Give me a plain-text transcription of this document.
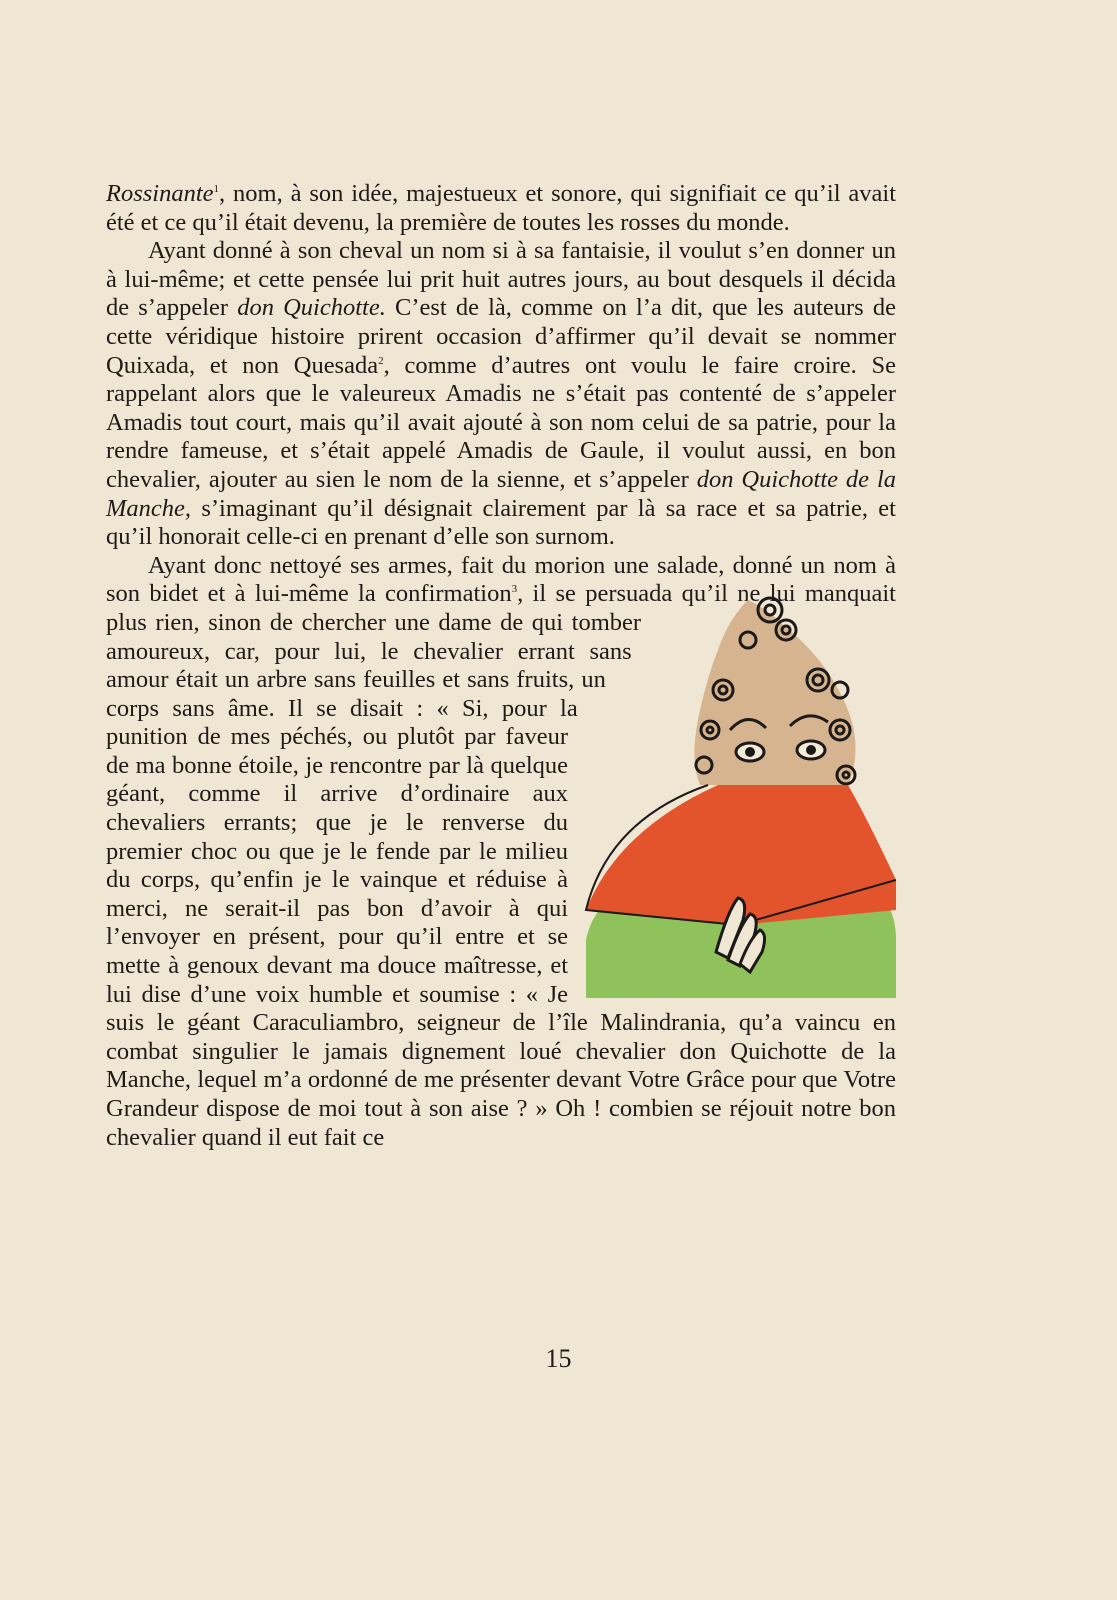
Rossinante$^1$, nom, à son idée, majestueux et sonore, qui signifiait ce qu’il avait été et ce qu’il était devenu, la première de toutes les rosses du monde.

Ayant donné à son cheval un nom si à sa fantaisie, il voulut s’en donner un à lui-même; et cette pensée lui prit huit autres jours, au bout desquels il décida de s’appeler don Quichotte. C’est de là, comme on l’a dit, que les auteurs de cette véridique histoire prirent occasion d’affirmer qu’il devait se nommer Quixada, et non Quesada$^2$, comme d’autres ont voulu le faire croire. Se rappelant alors que le valeureux Amadis ne s’était pas contenté de s’appeler Amadis tout court, mais qu’il avait ajouté à son nom celui de sa patrie, pour la rendre fameuse, et s’était appelé Amadis de Gaule, il voulut aussi, en bon chevalier, ajouter au sien le nom de la sienne, et s’appeler don Quichotte de la Manche, s’imaginant qu’il désignait clairement par là sa race et sa patrie, et qu’il honorait celle-ci en prenant d’elle son surnom.

Ayant donc nettoyé ses armes, fait du morion une salade, donné un nom à son bidet et à lui-même la confirmation$^3$
, il se persuada qu’il ne lui manquait plus rien, sinon de chercher une dame de qui tomber amoureux, car, pour lui, le chevalier errant sans amour était un arbre sans feuilles et sans fruits, un corps sans âme. Il se disait : « Si, pour la punition de mes péchés, ou plutôt par faveur de ma bonne étoile, je rencontre par là quelque géant, comme il arrive d’ordinaire aux chevaliers errants; que je le renverse du premier choc ou que je le fende par le milieu du corps, qu’enfin je le vainque et réduise à merci, ne serait-il pas bon d’avoir à qui l’envoyer en présent, pour qu’il entre et se mette à genoux devant ma douce maîtresse, et lui dise d’une voix humble et soumise : « Je suis le géant Caraculiambro, seigneur de l’île Malindrania, qu’a vaincu en combat singulier le jamais dignement loué chevalier don Quichotte de la Manche, lequel m’a ordonné de me présenter devant Votre Grâce pour que Votre Grandeur dispose de moi tout à son aise ? » Oh ! combien se réjouit notre bon chevalier quand il eut fait ce

15
